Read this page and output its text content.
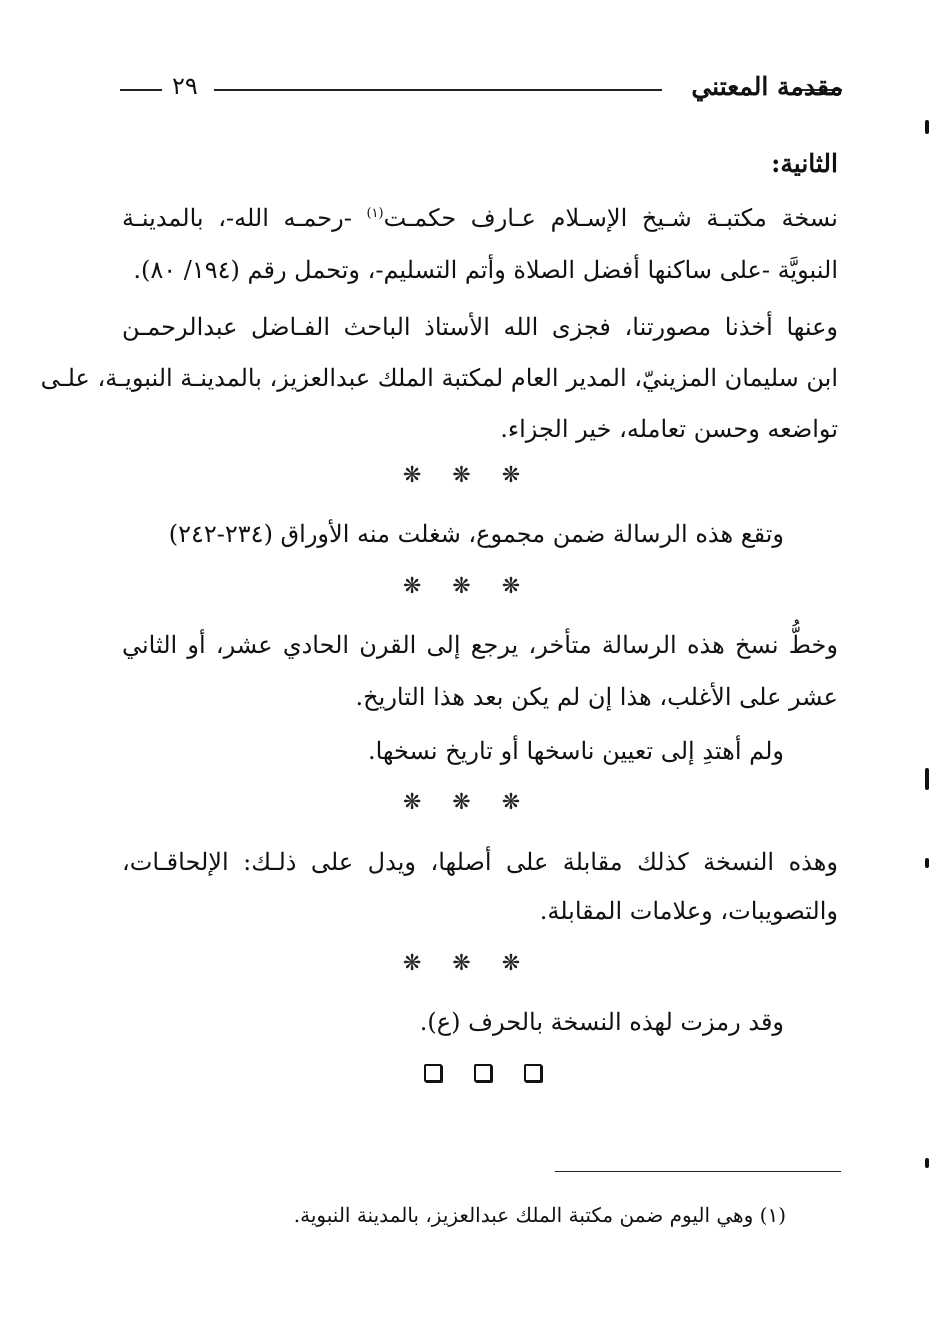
مقدمة المعتني
٢٩
الثانية:
نسخة مكتبـة شـيخ الإسـلام عـارف حكمـت$^{(١)}$ -رحمـه الله-، بالمدينـة
النبويَّة -على ساكنها أفضل الصلاة وأتم التسليم-، وتحمل رقم (١٩٤/ ٨٠).
وعنها أخذنا مصورتنا، فجزى الله الأستاذ الباحث الفـاضل عبدالرحمـن
ابن سليمان المزينيّ، المدير العام لمكتبة الملك عبدالعزيز، بالمدينـة النبويـة، علـى
تواضعه وحسن تعامله، خير الجزاء.
❋ ❋ ❋
وتقع هذه الرسالة ضمن مجموع، شغلت منه الأوراق (٢٣٤-٢٤٢)
❋ ❋ ❋
وخطُّ نسخ هذه الرسالة متأخر، يرجع إلى القرن الحادي عشر، أو الثاني
عشر على الأغلب، هذا إن لم يكن بعد هذا التاريخ.
ولم أهتدِ إلى تعيين ناسخها أو تاريخ نسخها.
❋ ❋ ❋
وهذه النسخة كذلك مقابلة على أصلها، ويدل على ذلـك: الإلحاقـات،
والتصويبات، وعلامات المقابلة.
❋ ❋ ❋
وقد رمزت لهذه النسخة بالحرف (ع).
(١) وهي اليوم ضمن مكتبة الملك عبدالعزيز، بالمدينة النبوية.
